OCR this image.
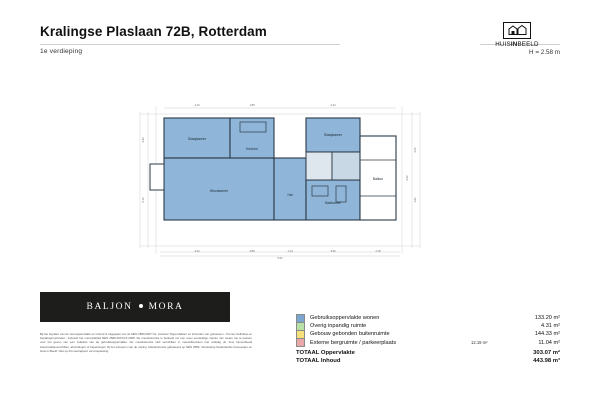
Kralingse Plaslaan 72B, Rotterdam
1e verdieping
HUISINBEELD
H = 2.58 m
Slaapkamer
Slaapkamer
Woonkamer
Hal
Badkamer
Keuken
Balkon
3.42	2.86	1.24	3.95	2.18
5.62
4.10	1.85	2.44
3.30
6.15
2.05
1.62
4.52
BALJON MORA
Bij het bepalen van de vloeroppervlakte en inhoud is uitgegaan van de NEN 2580:2007 NL, inclusief 'Oppervlakten en inhouden van gebouwen - Termen definities en bepalingsmethoden', inclusief het correctieblad NEN 2580:2007/C1:2008. De meetinstructie is bedoeld om een meer eenduidige manier van meten toe te passen voor het geven van een indicatie van de gebruiksoppervlakte. De meetinstructie sluit verschillen in meetuitkomsten niet volledig uit, door bijvoorbeeld interpretatieverschillen, afrondingen of beperkingen bij het uitvoeren van de meting. Meetinstructie gebaseerd op NEN 2580. Verwerking Nederlandse bemeesten en Huis in Beeld. Niet op dit meetrapport van toepassing.
Gebruiksoppervlakte wonen	133.20 m²
Overig inpandig ruimte	4.31 m²
Gebouw gebonden buitenruimte	144.33 m²
Externe bergruimte / parkeerplaats	11.04 m²
12.19 m²
TOTAAL Oppervlakte	303.07 m²
TOTAAL Inhoud	443.98 m³
